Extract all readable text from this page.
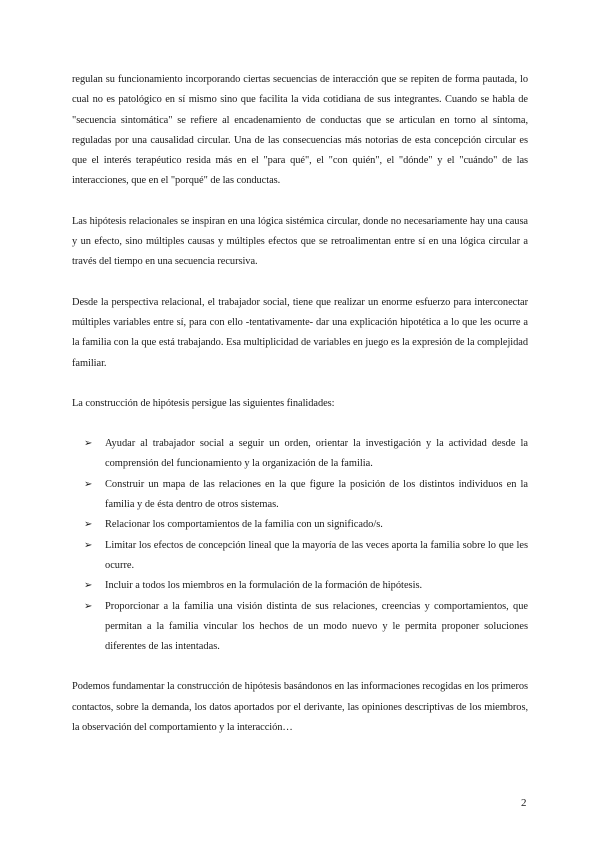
regulan su funcionamiento incorporando ciertas secuencias de interacción que se repiten de forma pautada, lo cual no es patológico en sí mismo sino que facilita la vida cotidiana de sus integrantes. Cuando se habla de "secuencia sintomática" se refiere al encadenamiento de conductas que se articulan en torno al síntoma, reguladas por una causalidad circular. Una de las consecuencias más notorias de esta concepción circular es que el interés terapéutico resida más en el "para qué", el "con quién", el "dónde" y el "cuándo" de las interacciones, que en el "porqué" de las conductas.

Las hipótesis relacionales se inspiran en una lógica sistémica circular, donde no necesariamente hay una causa y un efecto, sino múltiples causas y múltiples efectos que se retroalimentan entre sí en una lógica circular a través del tiempo en una secuencia recursiva.

Desde la perspectiva relacional, el trabajador social, tiene que realizar un enorme esfuerzo para interconectar múltiples variables entre sí, para con ello -tentativamente- dar una explicación hipotética a lo que les ocurre a la familia con la que está trabajando. Esa multiplicidad de variables en juego es la expresión de la complejidad familiar.

La construcción de hipótesis persigue las siguientes finalidades:

➢ Ayudar al trabajador social a seguir un orden, orientar la investigación y la actividad desde la comprensión del funcionamiento y la organización de la familia.
➢ Construir un mapa de las relaciones en la que figure la posición de los distintos individuos en la familia y de ésta dentro de otros sistemas.
➢ Relacionar los comportamientos de la familia con un significado/s.
➢ Limitar los efectos de concepción lineal que la mayoría de las veces aporta la familia sobre lo que les ocurre.
➢ Incluir a todos los miembros en la formulación de la formación de hipótesis.
➢ Proporcionar a la familia una visión distinta de sus relaciones, creencias y comportamientos, que permitan a la familia vincular los hechos de un modo nuevo y le permita proponer soluciones diferentes de las intentadas.

Podemos fundamentar la construcción de hipótesis basándonos en las informaciones recogidas en los primeros contactos, sobre la demanda, los datos aportados por el derivante, las opiniones descriptivas de los miembros, la observación del comportamiento y la interacción…

2
